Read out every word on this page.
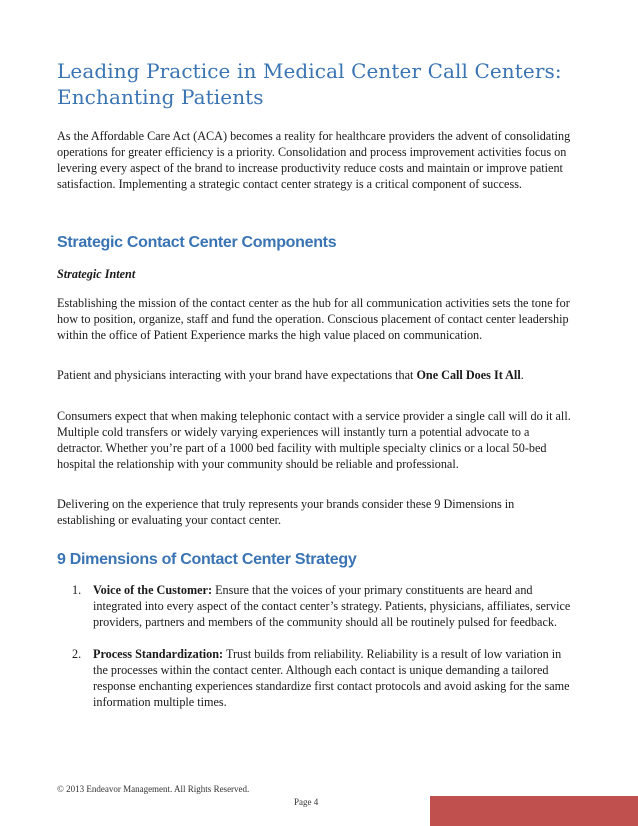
Leading Practice in Medical Center Call Centers: Enchanting Patients
As the Affordable Care Act (ACA) becomes a reality for healthcare providers the advent of consolidating operations for greater efficiency is a priority. Consolidation and process improvement activities focus on levering every aspect of the brand to increase productivity reduce costs and maintain or improve patient satisfaction. Implementing a strategic contact center strategy is a critical component of success.
Strategic Contact Center Components
Strategic Intent
Establishing the mission of the contact center as the hub for all communication activities sets the tone for how to position, organize, staff and fund the operation. Conscious placement of contact center leadership within the office of Patient Experience marks the high value placed on communication.
Patient and physicians interacting with your brand have expectations that One Call Does It All.
Consumers expect that when making telephonic contact with a service provider a single call will do it all. Multiple cold transfers or widely varying experiences will instantly turn a potential advocate to a detractor. Whether you’re part of a 1000 bed facility with multiple specialty clinics or a local 50-bed hospital the relationship with your community should be reliable and professional.
Delivering on the experience that truly represents your brands consider these 9 Dimensions in establishing or evaluating your contact center.
9 Dimensions of Contact Center Strategy
1. Voice of the Customer: Ensure that the voices of your primary constituents are heard and integrated into every aspect of the contact center’s strategy. Patients, physicians, affiliates, service providers, partners and members of the community should all be routinely pulsed for feedback.
2. Process Standardization: Trust builds from reliability. Reliability is a result of low variation in the processes within the contact center. Although each contact is unique demanding a tailored response enchanting experiences standardize first contact protocols and avoid asking for the same information multiple times.
© 2013 Endeavor Management. All Rights Reserved.
Page 4
